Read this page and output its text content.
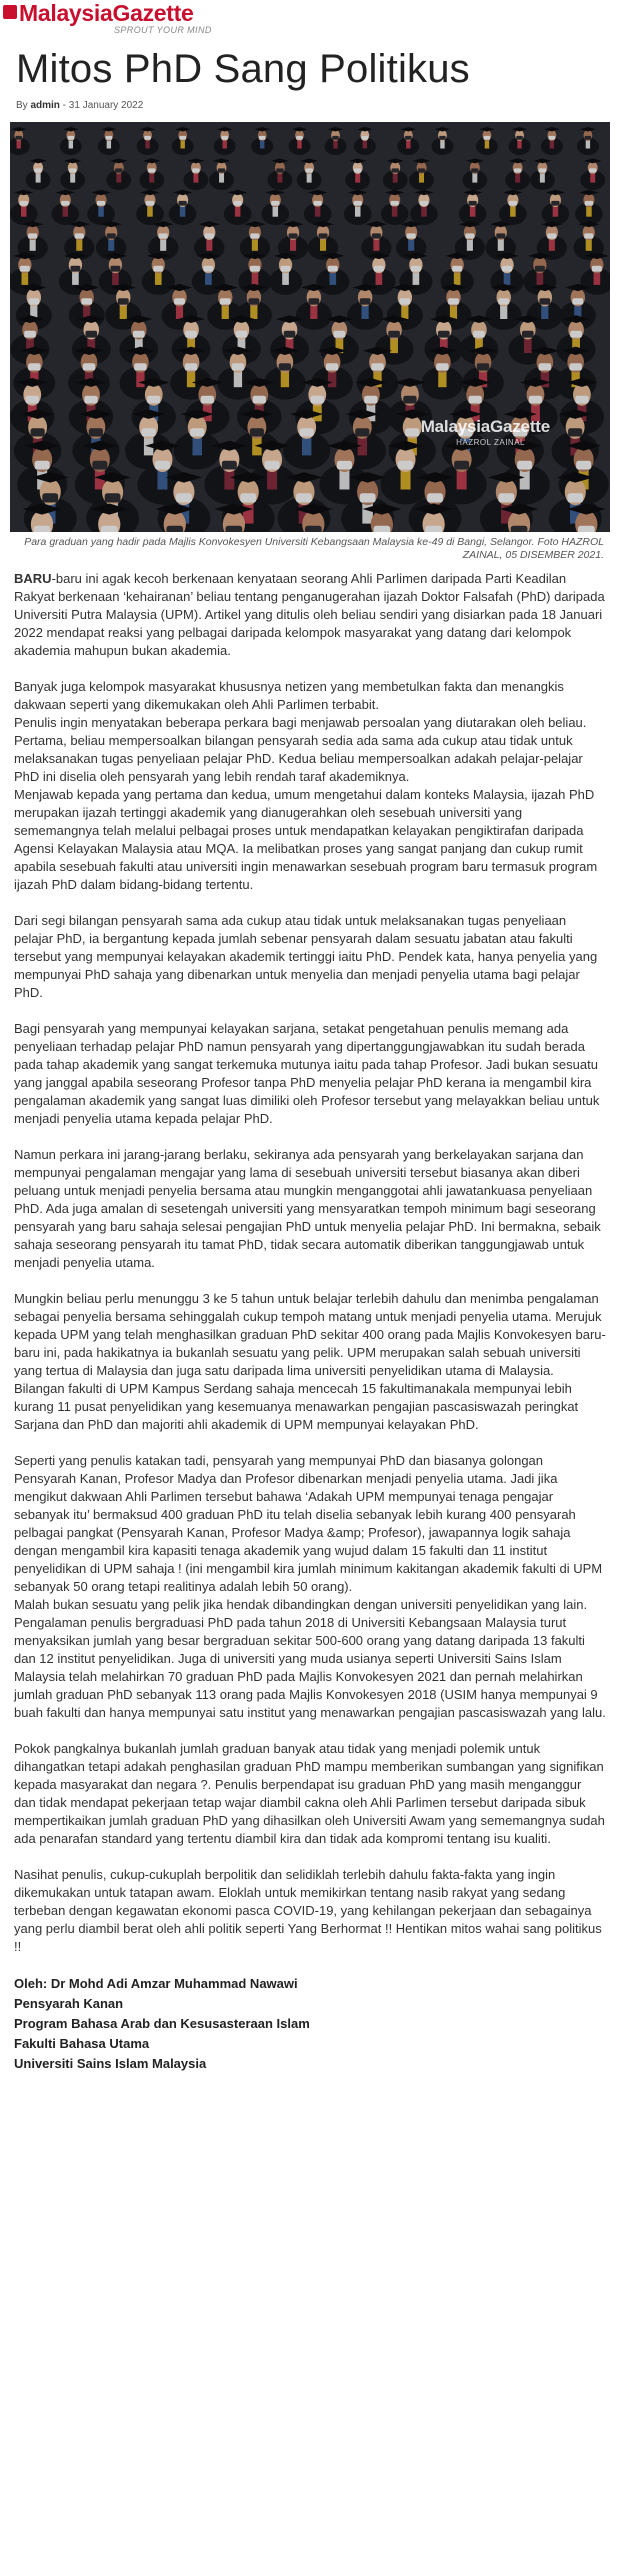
MalaysiaGazette
SPROUT YOUR MIND
Mitos PhD Sang Politikus
By admin - 31 January 2022
MalaysiaGazette
HAZROL ZAINAL
Para graduan yang hadir pada Majlis Konvokesyen Universiti Kebangsaan Malaysia ke-49 di Bangi, Selangor. Foto HAZROL ZAINAL, 05 DISEMBER 2021.

BARU-baru ini agak kecoh berkenaan kenyataan seorang Ahli Parlimen daripada Parti Keadilan Rakyat berkenaan ‘kehairanan’ beliau tentang penganugerahan ijazah Doktor Falsafah (PhD) daripada Universiti Putra Malaysia (UPM). Artikel yang ditulis oleh beliau sendiri yang disiarkan pada 18 Januari 2022 mendapat reaksi yang pelbagai daripada kelompok masyarakat yang datang dari kelompok akademia mahupun bukan akademia.

Banyak juga kelompok masyarakat khususnya netizen yang membetulkan fakta dan menangkis dakwaan seperti yang dikemukakan oleh Ahli Parlimen terbabit.

Penulis ingin menyatakan beberapa perkara bagi menjawab persoalan yang diutarakan oleh beliau. Pertama, beliau mempersoalkan bilangan pensyarah sedia ada sama ada cukup atau tidak untuk melaksanakan tugas penyeliaan pelajar PhD. Kedua beliau mempersoalkan adakah pelajar-pelajar PhD ini diselia oleh pensyarah yang lebih rendah taraf akademiknya.

Menjawab kepada yang pertama dan kedua, umum mengetahui dalam konteks Malaysia, ijazah PhD merupakan ijazah tertinggi akademik yang dianugerahkan oleh sesebuah universiti yang sememangnya telah melalui pelbagai proses untuk mendapatkan kelayakan pengiktirafan daripada Agensi Kelayakan Malaysia atau MQA. Ia melibatkan proses yang sangat panjang dan cukup rumit apabila sesebuah fakulti atau universiti ingin menawarkan sesebuah program baru termasuk program ijazah PhD dalam bidang-bidang tertentu.

Dari segi bilangan pensyarah sama ada cukup atau tidak untuk melaksanakan tugas penyeliaan pelajar PhD, ia bergantung kepada jumlah sebenar pensyarah dalam sesuatu jabatan atau fakulti tersebut yang mempunyai kelayakan akademik tertinggi iaitu PhD. Pendek kata, hanya penyelia yang mempunyai PhD sahaja yang dibenarkan untuk menyelia dan menjadi penyelia utama bagi pelajar PhD.

Bagi pensyarah yang mempunyai kelayakan sarjana, setakat pengetahuan penulis memang ada penyeliaan terhadap pelajar PhD namun pensyarah yang dipertanggungjawabkan itu sudah berada pada tahap akademik yang sangat terkemuka mutunya iaitu pada tahap Profesor. Jadi bukan sesuatu yang janggal apabila seseorang Profesor tanpa PhD menyelia pelajar PhD kerana ia mengambil kira pengalaman akademik yang sangat luas dimiliki oleh Profesor tersebut yang melayakkan beliau untuk menjadi penyelia utama kepada pelajar PhD.

Namun perkara ini jarang-jarang berlaku, sekiranya ada pensyarah yang berkelayakan sarjana dan mempunyai pengalaman mengajar yang lama di sesebuah universiti tersebut biasanya akan diberi peluang untuk menjadi penyelia bersama atau mungkin menganggotai ahli jawatankuasa penyeliaan PhD. Ada juga amalan di sesetengah universiti yang mensyaratkan tempoh minimum bagi seseorang pensyarah yang baru sahaja selesai pengajian PhD untuk menyelia pelajar PhD. Ini bermakna, sebaik sahaja seseorang pensyarah itu tamat PhD, tidak secara automatik diberikan tanggungjawab untuk menjadi penyelia utama.

Mungkin beliau perlu menunggu 3 ke 5 tahun untuk belajar terlebih dahulu dan menimba pengalaman sebagai penyelia bersama sehinggalah cukup tempoh matang untuk menjadi penyelia utama. Merujuk kepada UPM yang telah menghasilkan graduan PhD sekitar 400 orang pada Majlis Konvokesyen baru-baru ini, pada hakikatnya ia bukanlah sesuatu yang pelik. UPM merupakan salah sebuah universiti yang tertua di Malaysia dan juga satu daripada lima universiti penyelidikan utama di Malaysia. Bilangan fakulti di UPM Kampus Serdang sahaja mencecah 15 fakultimanakala mempunyai lebih kurang 11 pusat penyelidikan yang kesemuanya menawarkan pengajian pascasiswazah peringkat Sarjana dan PhD dan majoriti ahli akademik di UPM mempunyai kelayakan PhD.

Seperti yang penulis katakan tadi, pensyarah yang mempunyai PhD dan biasanya golongan Pensyarah Kanan, Profesor Madya dan Profesor dibenarkan menjadi penyelia utama. Jadi jika mengikut dakwaan Ahli Parlimen tersebut bahawa ‘Adakah UPM mempunyai tenaga pengajar sebanyak itu’ bermaksud 400 graduan PhD itu telah diselia sebanyak lebih kurang 400 pensyarah pelbagai pangkat (Pensyarah Kanan, Profesor Madya &amp; Profesor), jawapannya logik sahaja dengan mengambil kira kapasiti tenaga akademik yang wujud dalam 15 fakulti dan 11 institut penyelidikan di UPM sahaja ! (ini mengambil kira jumlah minimum kakitangan akademik fakulti di UPM sebanyak 50 orang tetapi realitinya adalah lebih 50 orang).

Malah bukan sesuatu yang pelik jika hendak dibandingkan dengan universiti penyelidikan yang lain. Pengalaman penulis bergraduasi PhD pada tahun 2018 di Universiti Kebangsaan Malaysia turut menyaksikan jumlah yang besar bergraduan sekitar 500-600 orang yang datang daripada 13 fakulti dan 12 institut penyelidikan. Juga di universiti yang muda usianya seperti Universiti Sains Islam Malaysia telah melahirkan 70 graduan PhD pada Majlis Konvokesyen 2021 dan pernah melahirkan jumlah graduan PhD sebanyak 113 orang pada Majlis Konvokesyen 2018 (USIM hanya mempunyai 9 buah fakulti dan hanya mempunyai satu institut yang menawarkan pengajian pascasiswazah yang lalu.

Pokok pangkalnya bukanlah jumlah graduan banyak atau tidak yang menjadi polemik untuk dihangatkan tetapi adakah penghasilan graduan PhD mampu memberikan sumbangan yang signifikan kepada masyarakat dan negara ?. Penulis berpendapat isu graduan PhD yang masih menganggur dan tidak mendapat pekerjaan tetap wajar diambil cakna oleh Ahli Parlimen tersebut daripada sibuk mempertikaikan jumlah graduan PhD yang dihasilkan oleh Universiti Awam yang sememangnya sudah ada penarafan standard yang tertentu diambil kira dan tidak ada kompromi tentang isu kualiti.

Nasihat penulis, cukup-cukuplah berpolitik dan selidiklah terlebih dahulu fakta-fakta yang ingin dikemukakan untuk tatapan awam. Eloklah untuk memikirkan tentang nasib rakyat yang sedang terbeban dengan kegawatan ekonomi pasca COVID-19, yang kehilangan pekerjaan dan sebagainya yang perlu diambil berat oleh ahli politik seperti Yang Berhormat !! Hentikan mitos wahai sang politikus !!

Oleh: Dr Mohd Adi Amzar Muhammad Nawawi
Pensyarah Kanan
Program Bahasa Arab dan Kesusasteraan Islam
Fakulti Bahasa Utama
Universiti Sains Islam Malaysia
